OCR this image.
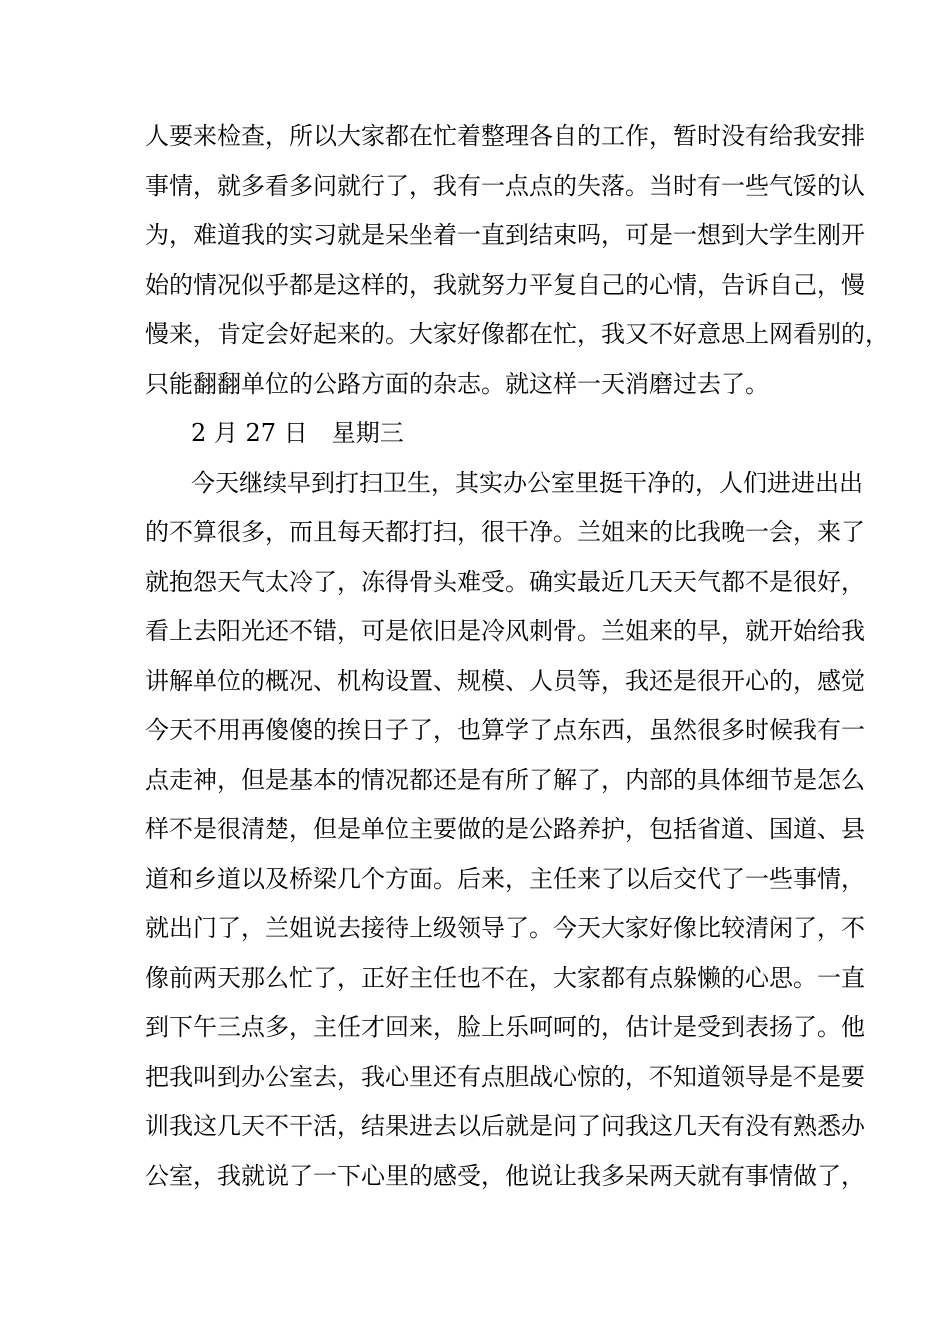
人要来检查，所以大家都在忙着整理各自的工作，暂时没有给我安排
事情，就多看多问就行了，我有一点点的失落。当时有一些气馁的认
为，难道我的实习就是呆坐着一直到结束吗，可是一想到大学生刚开
始的情况似乎都是这样的，我就努力平复自己的心情，告诉自己，慢
慢来，肯定会好起来的。大家好像都在忙，我又不好意思上网看别的，
只能翻翻单位的公路方面的杂志。就这样一天消磨过去了。
2 月 27 日　星期三
今天继续早到打扫卫生，其实办公室里挺干净的，人们进进出出
的不算很多，而且每天都打扫，很干净。兰姐来的比我晚一会，来了
就抱怨天气太冷了，冻得骨头难受。确实最近几天天气都不是很好，
看上去阳光还不错，可是依旧是冷风刺骨。兰姐来的早，就开始给我
讲解单位的概况、机构设置、规模、人员等，我还是很开心的，感觉
今天不用再傻傻的挨日子了，也算学了点东西，虽然很多时候我有一
点走神，但是基本的情况都还是有所了解了，内部的具体细节是怎么
样不是很清楚，但是单位主要做的是公路养护，包括省道、国道、县
道和乡道以及桥梁几个方面。后来，主任来了以后交代了一些事情，
就出门了，兰姐说去接待上级领导了。今天大家好像比较清闲了，不
像前两天那么忙了，正好主任也不在，大家都有点躲懒的心思。一直
到下午三点多，主任才回来，脸上乐呵呵的，估计是受到表扬了。他
把我叫到办公室去，我心里还有点胆战心惊的，不知道领导是不是要
训我这几天不干活，结果进去以后就是问了问我这几天有没有熟悉办
公室，我就说了一下心里的感受，他说让我多呆两天就有事情做了，
